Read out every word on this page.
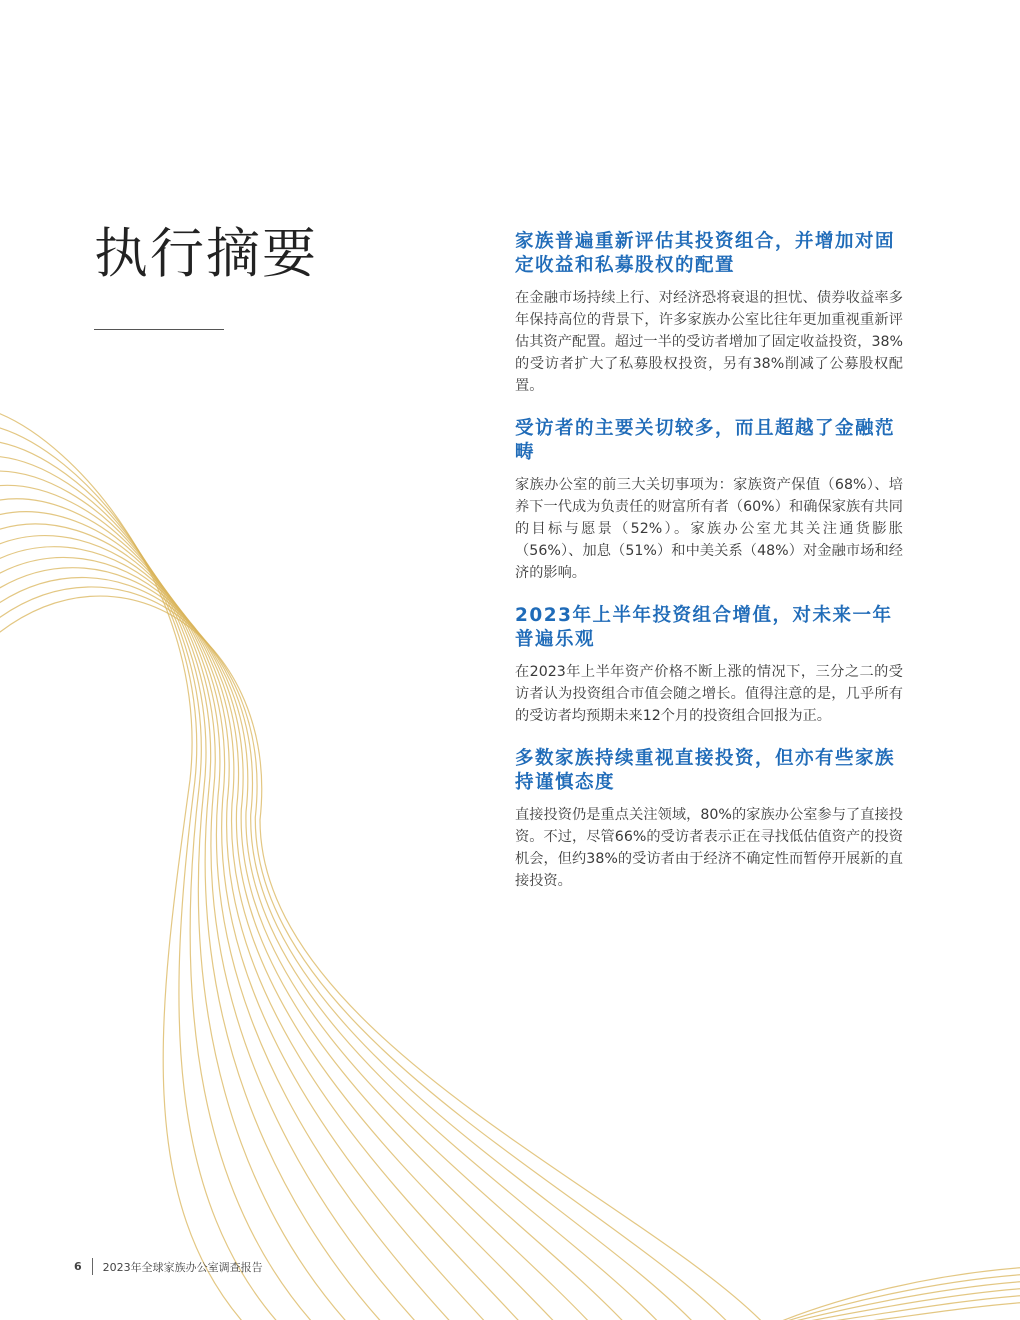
执行摘要	家族普遍重新评估其投资组合，并增加对固定收益和私募股权的配置

在金融市场持续上行、对经济恐将衰退的担忧、债券收益率多年保持高位的背景下，许多家族办公室比往年更加重视重新评估其资产配置。超过一半的受访者增加了固定收益投资，38%的受访者扩大了私募股权投资，另有38%削减了公募股权配置。

受访者的主要关切较多，而且超越了金融范畴

家族办公室的前三大关切事项为：家族资产保值（68%）、培养下一代成为负责任的财富所有者（60%）和确保家族有共同的目标与愿景（52%）。家族办公室尤其关注通货膨胀（56%）、加息（51%）和中美关系（48%）对金融市场和经济的影响。

2023年上半年投资组合增值，对未来一年普遍乐观

在2023年上半年资产价格不断上涨的情况下，三分之二的受访者认为投资组合市值会随之增长。值得注意的是，几乎所有的受访者均预期未来12个月的投资组合回报为正。

多数家族持续重视直接投资，但亦有些家族持谨慎态度

直接投资仍是重点关注领域，80%的家族办公室参与了直接投资。不过，尽管66%的受访者表示正在寻找低估值资产的投资机会，但约38%的受访者由于经济不确定性而暂停开展新的直接投资。

6 2023年全球家族办公室调查报告
